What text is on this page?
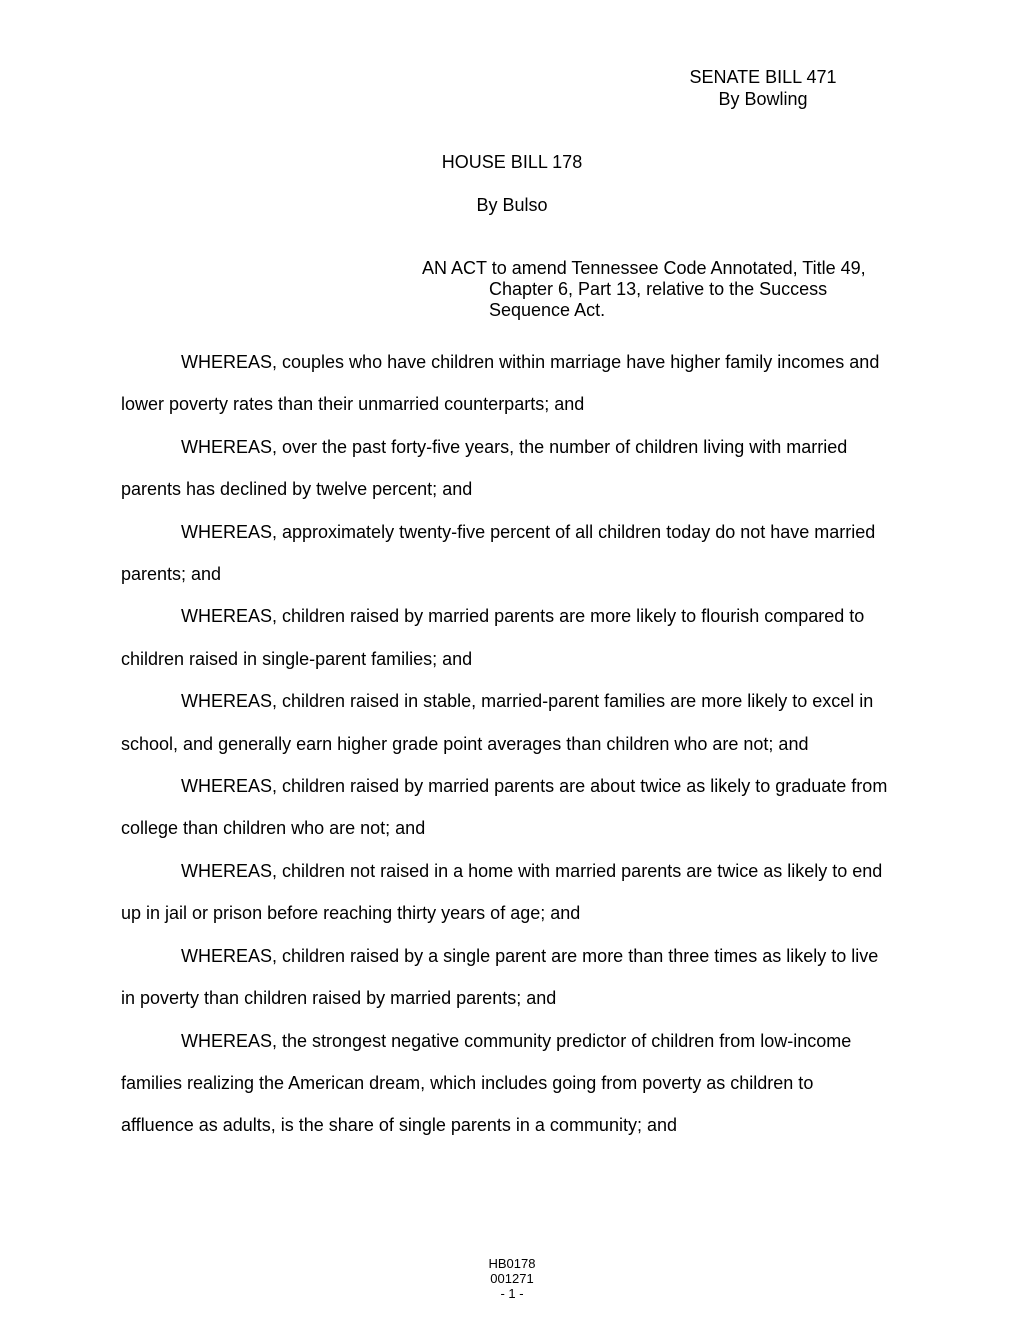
SENATE BILL 471
By Bowling
HOUSE BILL 178
By Bulso
AN ACT to amend Tennessee Code Annotated, Title 49,
Chapter 6, Part 13, relative to the Success
Sequence Act.

WHEREAS, couples who have children within marriage have higher family incomes and
lower poverty rates than their unmarried counterparts; and

WHEREAS, over the past forty-five years, the number of children living with married
parents has declined by twelve percent; and

WHEREAS, approximately twenty-five percent of all children today do not have married
parents; and

WHEREAS, children raised by married parents are more likely to flourish compared to
children raised in single-parent families; and

WHEREAS, children raised in stable, married-parent families are more likely to excel in
school, and generally earn higher grade point averages than children who are not; and

WHEREAS, children raised by married parents are about twice as likely to graduate from
college than children who are not; and

WHEREAS, children not raised in a home with married parents are twice as likely to end
up in jail or prison before reaching thirty years of age; and

WHEREAS, children raised by a single parent are more than three times as likely to live
in poverty than children raised by married parents; and

WHEREAS, the strongest negative community predictor of children from low-income
families realizing the American dream, which includes going from poverty as children to
affluence as adults, is the share of single parents in a community; and

HB0178
001271
- 1 -
